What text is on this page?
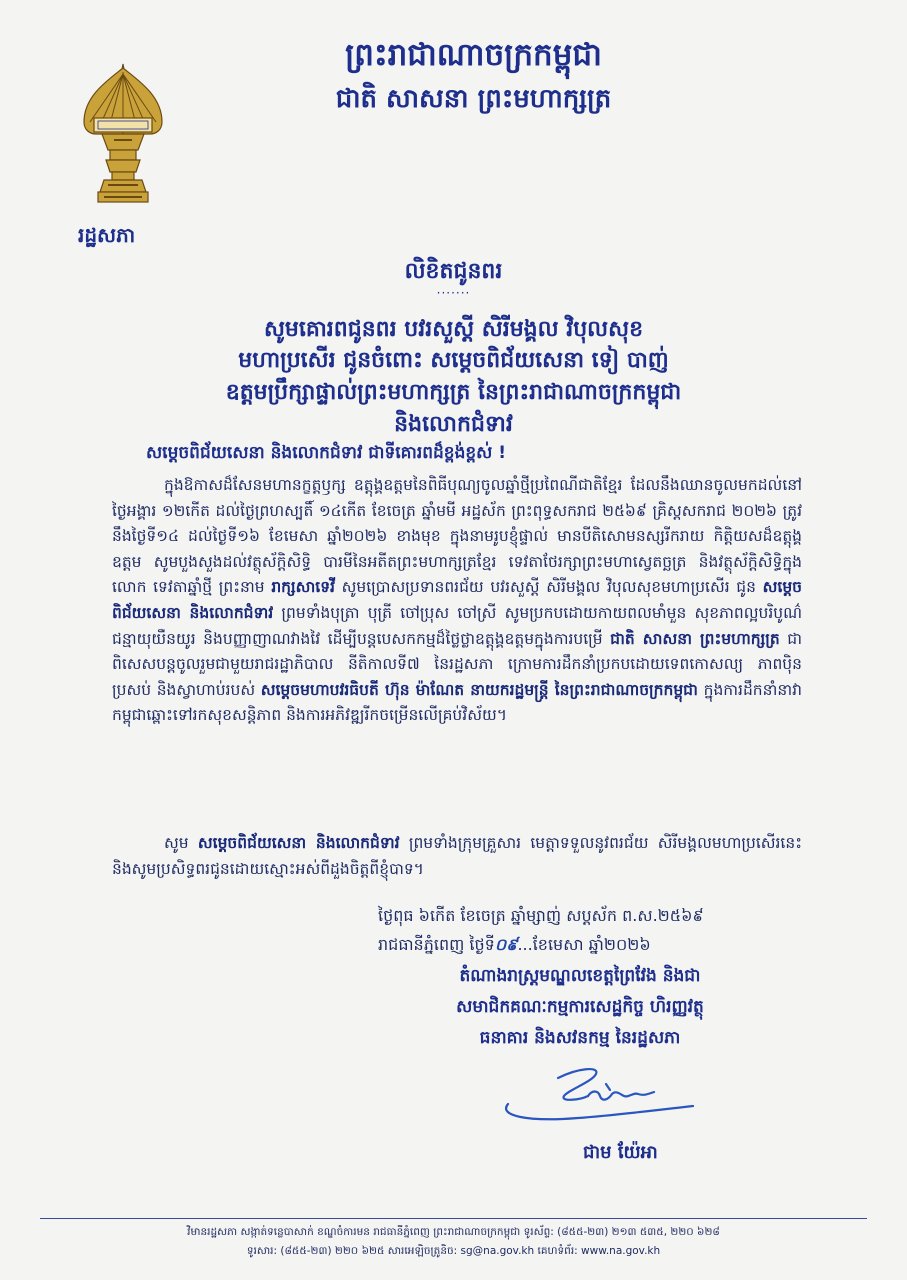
ព្រះរាជាណាចក្រកម្ពុជា
ជាតិ សាសនា ព្រះមហាក្សត្រ
រដ្ឋសភា
លិខិតជូនពរ
·······
សូមគោរពជូនពរ បវរសួស្តី សិរីមង្គល វិបុលសុខ
មហាប្រសើរ ជូនចំពោះ សម្តេចពិជ័យសេនា ទៀ បាញ់
ឧត្តមប្រឹក្សាផ្ទាល់ព្រះមហាក្សត្រ នៃព្រះរាជាណាចក្រកម្ពុជា
និងលោកជំទាវ
សម្តេចពិជ័យសេនា និងលោកជំទាវ ជាទីគោរពដ៏ខ្ពង់ខ្ពស់ !
ក្នុងឱកាសដ៏សែនមហានក្ខត្តឫក្ស ឧត្តុង្គឧត្តមនៃពិធីបុណ្យចូលឆ្នាំថ្មីប្រពៃណីជាតិខ្មែរ ដែលនឹងឈានចូលមកដល់នៅថ្ងៃអង្គារ ១២កើត ដល់ថ្ងៃព្រហស្បតិ៍ ១៤កើត ខែចេត្រ ឆ្នាំមមី អដ្ឋស័ក ព្រះពុទ្ធសករាជ ២៥៦៩ គ្រិស្តសករាជ ២០២៦ ត្រូវនឹងថ្ងៃទី១៤ ដល់ថ្ងៃទី១៦ ខែមេសា ឆ្នាំ២០២៦ ខាងមុខ ក្នុងនាមរូបខ្ញុំផ្ទាល់ មានបីតិសោមនស្សរីករាយ កិត្តិយសដ៏ឧត្តុង្គឧត្តម សូមបួងសួងដល់វត្ថុស័ក្តិសិទ្ធិ បារមីនៃអតីតព្រះមហាក្សត្រខ្មែរ ទេវតាថែរក្សាព្រះមហាស្វេតច្ឆត្រ និងវត្ថុស័ក្តិសិទ្ធិក្នុងលោក ទេវតាឆ្នាំថ្មី ព្រះនាម រាក្សសាទេវី សូមប្រោសប្រទានពរជ័យ បវរសួស្តី សិរីមង្គល វិបុលសុខមហាប្រសើរ ជូន សម្តេចពិជ័យសេនា និងលោកជំទាវ ព្រមទាំងបុត្រា បុត្រី ចៅប្រុស ចៅស្រី សូមប្រកបដោយកាយពលមាំមួន សុខភាពល្អបរិបូណ៌ ជន្មាយុយឺនយូរ និងបញ្ញាញាណវាងវៃ ដើម្បីបន្តបេសកកម្មដ៏ថ្លៃថ្លាឧត្តុង្គឧត្តមក្នុងការបម្រើ ជាតិ សាសនា ព្រះមហាក្សត្រ ជាពិសេសបន្តចូលរួមជាមួយរាជរដ្ឋាភិបាល នីតិកាលទី៧ នៃរដ្ឋសភា ក្រោមការដឹកនាំប្រកបដោយទេពកោសល្យ ភាពប៉ិនប្រសប់ និងស្វាហាប់របស់ សម្តេចមហាបវរធិបតី ហ៊ុន ម៉ាណែត នាយករដ្ឋមន្ត្រី នៃព្រះរាជាណាចក្រកម្ពុជា ក្នុងការដឹកនាំនាវាកម្ពុជាឆ្ពោះទៅរកសុខសន្តិភាព និងការអភិវឌ្ឍរីកចម្រើនលើគ្រប់វិស័យ។
សូម សម្តេចពិជ័យសេនា និងលោកជំទាវ ព្រមទាំងក្រុមគ្រួសារ មេត្តាទទួលនូវពរជ័យ សិរីមង្គលមហាប្រសើរនេះ និងសូមប្រសិទ្ធពរជូនដោយស្មោះអស់ពីដួងចិត្តពីខ្ញុំបាទ។
ថ្ងៃពុធ ៦កើត ខែចេត្រ ឆ្នាំម្សាញ់ សប្តស័ក ព.ស.២៥៦៩
រាជធានីភ្នំពេញ ថ្ងៃទី០៩...ខែមេសា ឆ្នាំ២០២៦
តំណាងរាស្ត្រមណ្ឌលខេត្តព្រៃវែង និងជា
សមាជិកគណៈកម្មការសេដ្ឋកិច្ច ហិរញ្ញវត្ថុ
ធនាគារ និងសវនកម្ម នៃរដ្ឋសភា
ជាម យ៉ែអា
វិមានរដ្ឋសភា សង្កាត់ទន្លេបាសាក់ ខណ្ឌចំការមន រាជធានីភ្នំពេញ ព្រះរាជាណាចក្រកម្ពុជា ទូរស័ព្ទ: (៨៥៥-២៣) ២១៣ ៥៣៥, ២២០ ៦២៨
ទូរសារ: (៨៥៥-២៣) ២២០ ៦២៥ សារអេឡិចត្រូនិច: sg@na.gov.kh គេហទំព័រ: www.na.gov.kh
